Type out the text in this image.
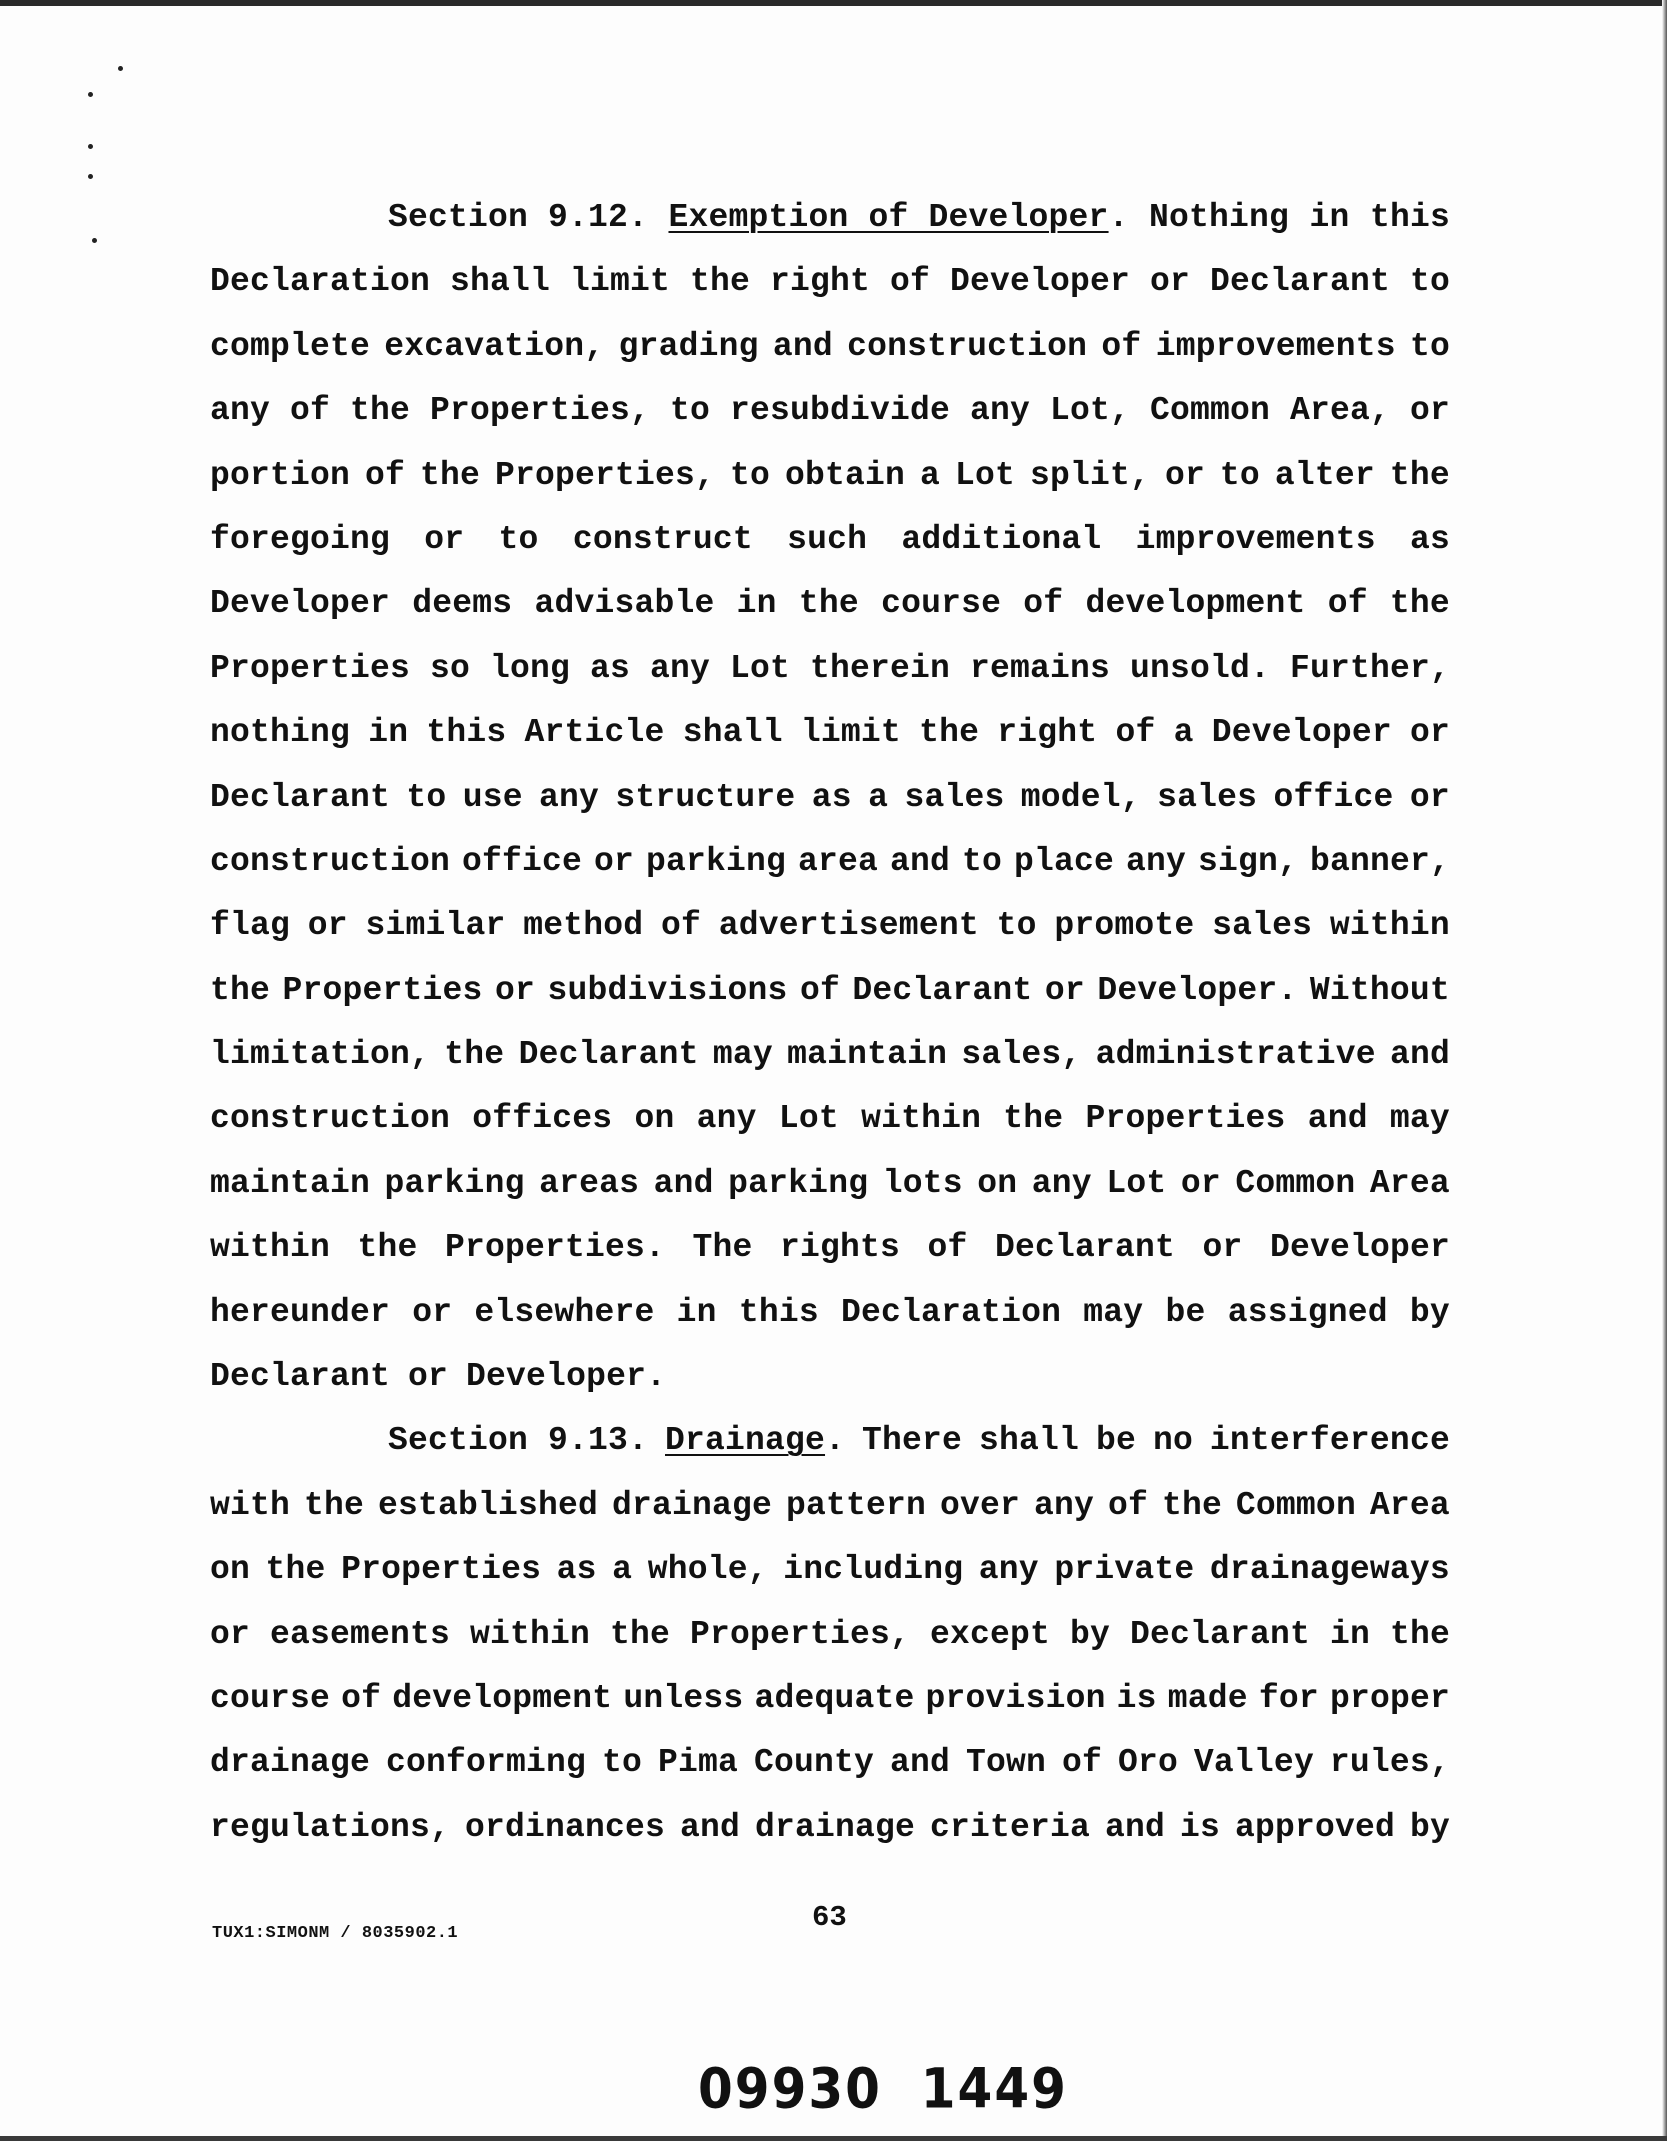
Section 9.12. Exemption of Developer. Nothing in this
Declaration shall limit the right of Developer or Declarant to
complete excavation, grading and construction of improvements to
any of the Properties, to resubdivide any Lot, Common Area, or
portion of the Properties, to obtain a Lot split, or to alter the
foregoing or to construct such additional improvements as
Developer deems advisable in the course of development of the
Properties so long as any Lot therein remains unsold. Further,
nothing in this Article shall limit the right of a Developer or
Declarant to use any structure as a sales model, sales office or
construction office or parking area and to place any sign, banner,
flag or similar method of advertisement to promote sales within
the Properties or subdivisions of Declarant or Developer. Without
limitation, the Declarant may maintain sales, administrative and
construction offices on any Lot within the Properties and may
maintain parking areas and parking lots on any Lot or Common Area
within the Properties. The rights of Declarant or Developer
hereunder or elsewhere in this Declaration may be assigned by
Declarant or Developer.
Section 9.13. Drainage. There shall be no interference
with the established drainage pattern over any of the Common Area
on the Properties as a whole, including any private drainageways
or easements within the Properties, except by Declarant in the
course of development unless adequate provision is made for proper
drainage conforming to Pima County and Town of Oro Valley rules,
regulations, ordinances and drainage criteria and is approved by
TUX1:SIMONM / 8035902.1	63
09930  1449
